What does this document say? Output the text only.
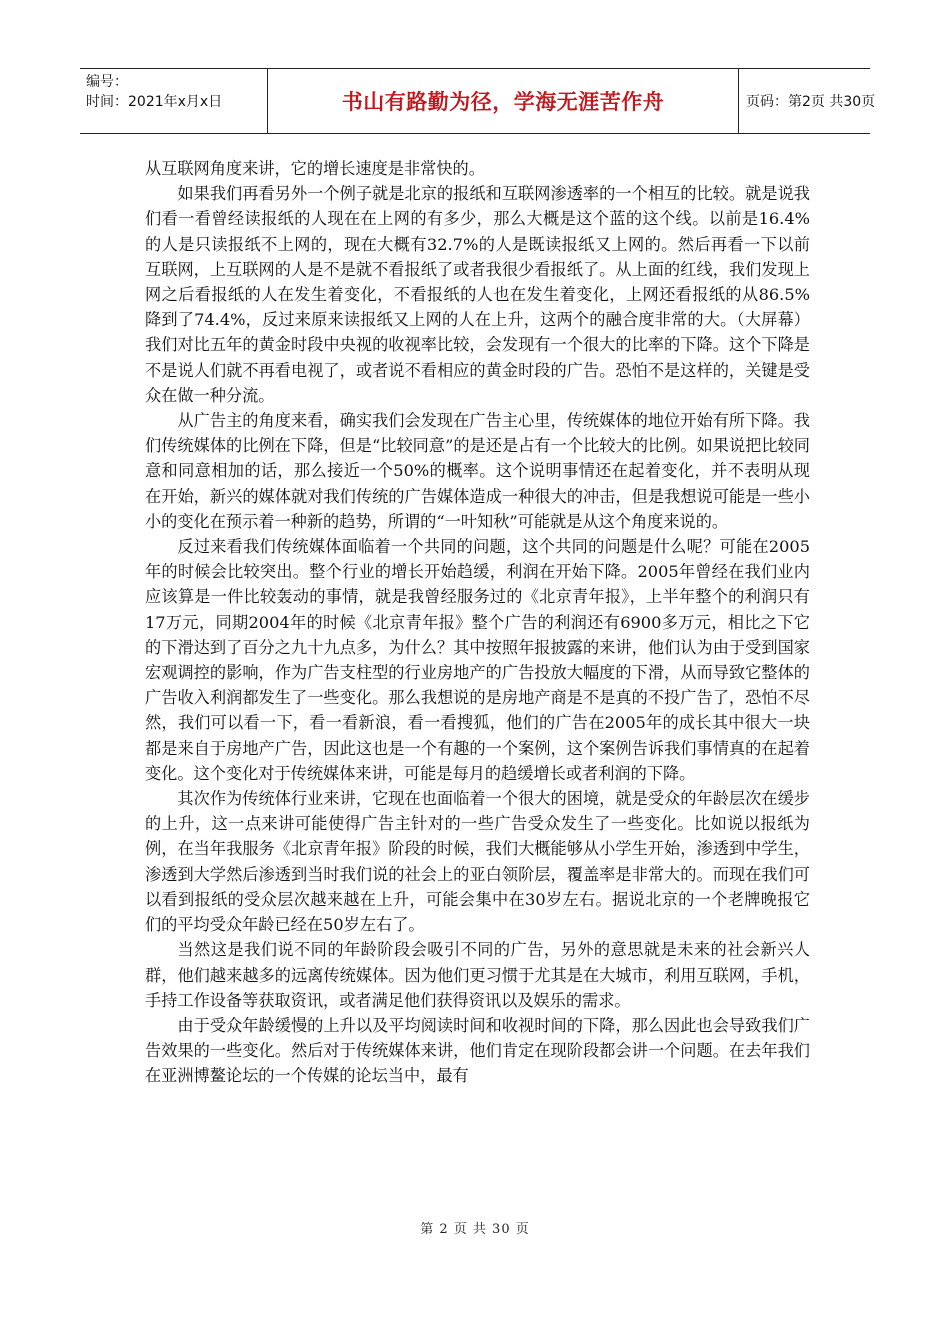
编号：
时间：2021年x月x日	书山有路勤为径，学海无涯苦作舟	页码：第2页 共30页

从互联网角度来讲，它的增长速度是非常快的。

如果我们再看另外一个例子就是北京的报纸和互联网渗透率的一个相互的比较。就是说我们看一看曾经读报纸的人现在在上网的有多少，那么大概是这个蓝的这个线。以前是16.4%的人是只读报纸不上网的，现在大概有32.7%的人是既读报纸又上网的。然后再看一下以前互联网，上互联网的人是不是就不看报纸了或者我很少看报纸了。从上面的红线，我们发现上网之后看报纸的人在发生着变化，不看报纸的人也在发生着变化，上网还看报纸的从86.5%降到了74.4%，反过来原来读报纸又上网的人在上升，这两个的融合度非常的大。（大屏幕）我们对比五年的黄金时段中央视的收视率比较，会发现有一个很大的比率的下降。这个下降是不是说人们就不再看电视了，或者说不看相应的黄金时段的广告。恐怕不是这样的，关键是受众在做一种分流。

从广告主的角度来看，确实我们会发现在广告主心里，传统媒体的地位开始有所下降。我们传统媒体的比例在下降，但是“比较同意”的是还是占有一个比较大的比例。如果说把比较同意和同意相加的话，那么接近一个50%的概率。这个说明事情还在起着变化，并不表明从现在开始，新兴的媒体就对我们传统的广告媒体造成一种很大的冲击，但是我想说可能是一些小小的变化在预示着一种新的趋势，所谓的“一叶知秋”可能就是从这个角度来说的。

反过来看我们传统媒体面临着一个共同的问题，这个共同的问题是什么呢？可能在2005年的时候会比较突出。整个行业的增长开始趋缓，利润在开始下降。2005年曾经在我们业内应该算是一件比较轰动的事情，就是我曾经服务过的《北京青年报》，上半年整个的利润只有17万元，同期2004年的时候《北京青年报》整个广告的利润还有6900多万元，相比之下它的下滑达到了百分之九十九点多，为什么？其中按照年报披露的来讲，他们认为由于受到国家宏观调控的影响，作为广告支柱型的行业房地产的广告投放大幅度的下滑，从而导致它整体的广告收入利润都发生了一些变化。那么我想说的是房地产商是不是真的不投广告了，恐怕不尽然，我们可以看一下，看一看新浪，看一看搜狐，他们的广告在2005年的成长其中很大一块都是来自于房地产广告，因此这也是一个有趣的一个案例，这个案例告诉我们事情真的在起着变化。这个变化对于传统媒体来讲，可能是每月的趋缓增长或者利润的下降。

其次作为传统体行业来讲，它现在也面临着一个很大的困境，就是受众的年龄层次在缓步的上升，这一点来讲可能使得广告主针对的一些广告受众发生了一些变化。比如说以报纸为例，在当年我服务《北京青年报》阶段的时候，我们大概能够从小学生开始，渗透到中学生，渗透到大学然后渗透到当时我们说的社会上的亚白领阶层，覆盖率是非常大的。而现在我们可以看到报纸的受众层次越来越在上升，可能会集中在30岁左右。据说北京的一个老牌晚报它们的平均受众年龄已经在50岁左右了。

当然这是我们说不同的年龄阶段会吸引不同的广告，另外的意思就是未来的社会新兴人群，他们越来越多的远离传统媒体。因为他们更习惯于尤其是在大城市，利用互联网，手机，手持工作设备等获取资讯，或者满足他们获得资讯以及娱乐的需求。

由于受众年龄缓慢的上升以及平均阅读时间和收视时间的下降，那么因此也会导致我们广告效果的一些变化。然后对于传统媒体来讲，他们肯定在现阶段都会讲一个问题。在去年我们在亚洲博鳌论坛的一个传媒的论坛当中，最有

第 2 页 共 30 页
